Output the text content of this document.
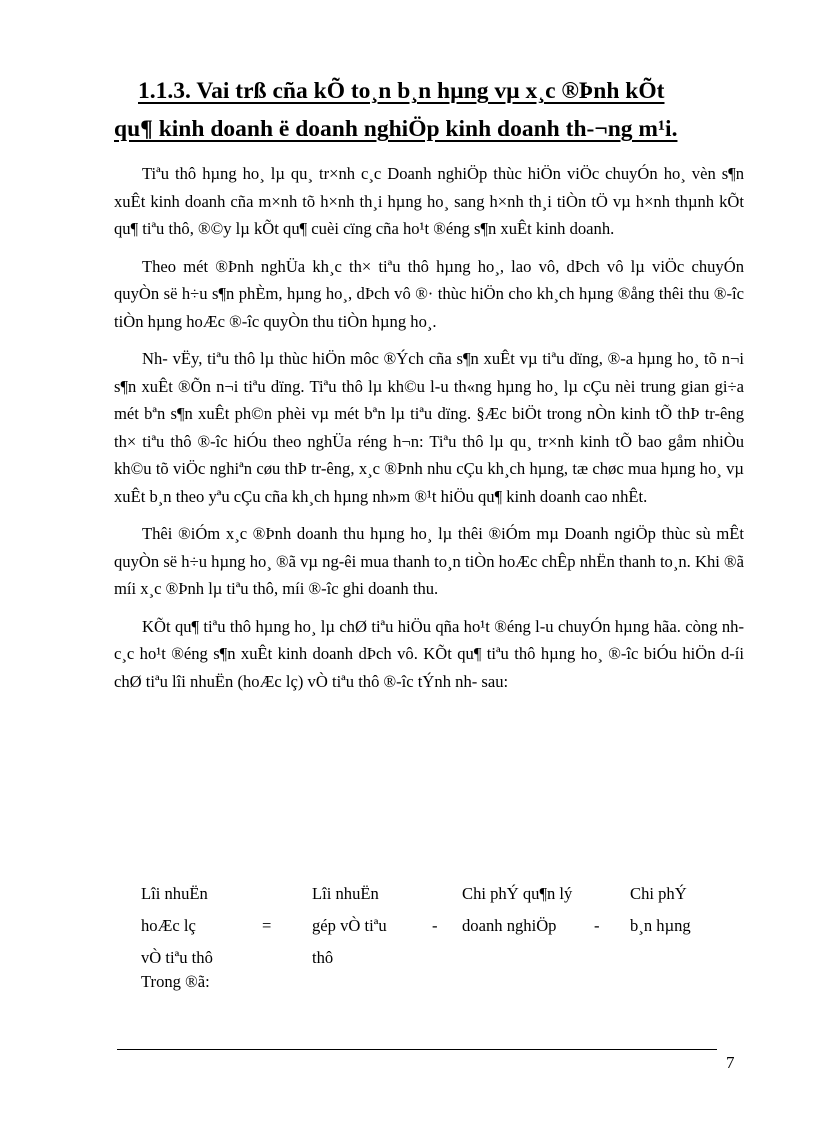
1.1.3. Vai trß cña kÕ to¸n b¸n hµng vµ x¸c ®Þnh kÕt
qu¶ kinh doanh ë doanh nghiÖp kinh doanh th-¬ng m¹i.

Tiªu thô hµng ho¸ lµ qu¸ tr×nh c¸c Doanh nghiÖp thùc hiÖn viÖc chuyÓn ho¸ vèn s¶n xuÊt kinh doanh cña m×nh tõ h×nh th¸i hµng ho¸ sang h×nh th¸i tiÒn tÖ vµ h×nh thµnh kÕt qu¶ tiªu thô, ®©y lµ kÕt qu¶ cuèi cïng cña ho¹t ®éng s¶n xuÊt kinh doanh.

Theo mét ®Þnh nghÜa kh¸c th× tiªu thô hµng ho¸, lao vô, dÞch vô lµ viÖc chuyÓn quyÒn së h÷u s¶n phÈm, hµng ho¸, dÞch vô ®· thùc hiÖn cho kh¸ch hµng ®ång thêi thu ®-îc tiÒn hµng hoÆc ®-îc quyÒn thu tiÒn hµng ho¸.

Nh- vËy, tiªu thô lµ thùc hiÖn môc ®Ých cña s¶n xuÊt vµ tiªu dïng, ®-a hµng ho¸ tõ n¬i s¶n xuÊt ®Õn n¬i tiªu dïng. Tiªu thô lµ kh©u l-u th«ng hµng ho¸ lµ cÇu nèi trung gian gi÷a mét bªn s¶n xuÊt ph©n phèi vµ mét bªn lµ tiªu dïng. §Æc biÖt trong nÒn kinh tÕ thÞ tr-êng th× tiªu thô ®-îc hiÓu theo nghÜa réng h¬n: Tiªu thô lµ qu¸ tr×nh kinh tÕ bao gåm nhiÒu kh©u tõ viÖc nghiªn cøu thÞ tr-êng, x¸c ®Þnh nhu cÇu kh¸ch hµng, tæ chøc mua hµng ho¸ vµ xuÊt b¸n theo yªu cÇu cña kh¸ch hµng nh»m ®¹t hiÖu qu¶ kinh doanh cao nhÊt.

Thêi ®iÓm x¸c ®Þnh doanh thu hµng ho¸ lµ thêi ®iÓm mµ Doanh ngiÖp thùc sù mÊt quyÒn së h÷u hµng ho¸ ®ã vµ ng-êi mua thanh to¸n tiÒn hoÆc chÊp nhËn thanh to¸n. Khi ®ã míi x¸c ®Þnh lµ tiªu thô, míi ®-îc ghi doanh thu.

KÕt qu¶ tiªu thô hµng ho¸ lµ chØ tiªu hiÖu qña ho¹t ®éng l-u chuyÓn hµng hãa. còng nh- c¸c ho¹t ®éng s¶n xuÊt kinh doanh dÞch vô. KÕt qu¶ tiªu thô hµng ho¸ ®-îc biÓu hiÖn d-íi chØ tiªu lîi nhuËn (hoÆc lç) vÒ tiªu thô ®-îc tÝnh nh- sau:

Lîi nhuËn
hoÆc lç
vÒ tiªu thô
=
Lîi nhuËn
gép vÒ tiªu
thô
-
Chi phÝ qu¶n lý
doanh nghiÖp	-
Chi phÝ
b¸n hµng
Trong ®ã:
7
